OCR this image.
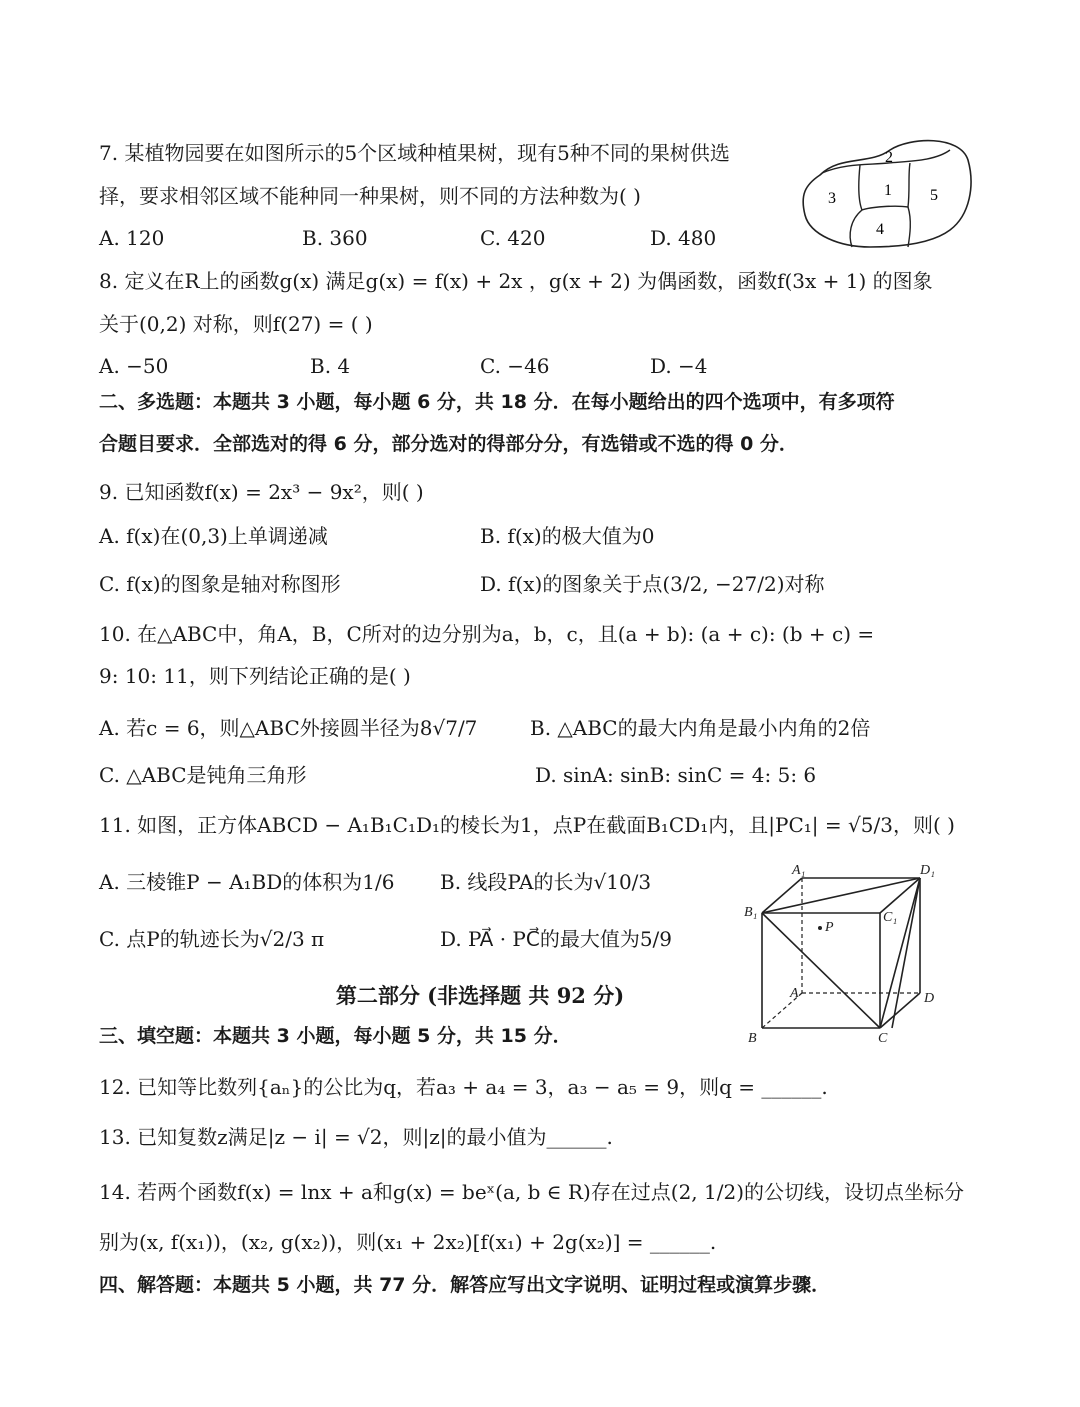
7. 某植物园要在如图所示的5个区域种植果树，现有5种不同的果树供选
择，要求相邻区域不能种同一种果树，则不同的方法种数为( )
A. 120	B. 360	C. 420	D. 480
2
1 5
3
4
8. 定义在R上的函数g(x) 满足g(x) = f(x) + 2x ，g(x + 2) 为偶函数，函数f(3x + 1) 的图象
关于(0,2) 对称，则f(27) = ( )
A. −50	B. 4	C. −46	D. −4
二、多选题：本题共 3 小题，每小题 6 分，共 18 分．在每小题给出的四个选项中，有多项符
合题目要求．全部选对的得 6 分，部分选对的得部分分，有选错或不选的得 0 分．
9. 已知函数f(x) = 2x³ − 9x²，则( )
A. f(x)在(0,3)上单调递减	B. f(x)的极大值为0
C. f(x)的图象是轴对称图形	D. f(x)的图象关于点(3/2, −27/2)对称
10. 在△ABC中，角A，B，C所对的边分别为a，b，c，且(a + b): (a + c): (b + c) =
9: 10: 11，则下列结论正确的是( )
A. 若c = 6，则△ABC外接圆半径为8√7/7	B. △ABC的最大内角是最小内角的2倍
C. △ABC是钝角三角形	D. sinA: sinB: sinC = 4: 5: 6
11. 如图，正方体ABCD − A₁B₁C₁D₁的棱长为1，点P在截面B₁CD₁内，且|PC₁| = √5/3，则( )
A. 三棱锥P − A₁BD的体积为1/6 B. 线段PA的长为√10/3
C. 点P的轨迹长为√2/3 π	D. PA⃗ · PC⃗的最大值为5/9
A₁	D₁
B₁	C₁
P
A	D
B	C
第二部分 (非选择题 共 92 分)
三、填空题：本题共 3 小题，每小题 5 分，共 15 分．
12. 已知等比数列{aₙ}的公比为q，若a₃ + a₄ = 3，a₃ − a₅ = 9，则q = ______.
13. 已知复数z满足|z − i| = √2，则|z|的最小值为______.
14. 若两个函数f(x) = lnx + a和g(x) = beˣ(a, b ∈ R)存在过点(2, 1/2)的公切线，设切点坐标分
别为(x, f(x₁))，(x₂, g(x₂))，则(x₁ + 2x₂)[f(x₁) + 2g(x₂)] = ______.
四、解答题：本题共 5 小题，共 77 分．解答应写出文字说明、证明过程或演算步骤．
